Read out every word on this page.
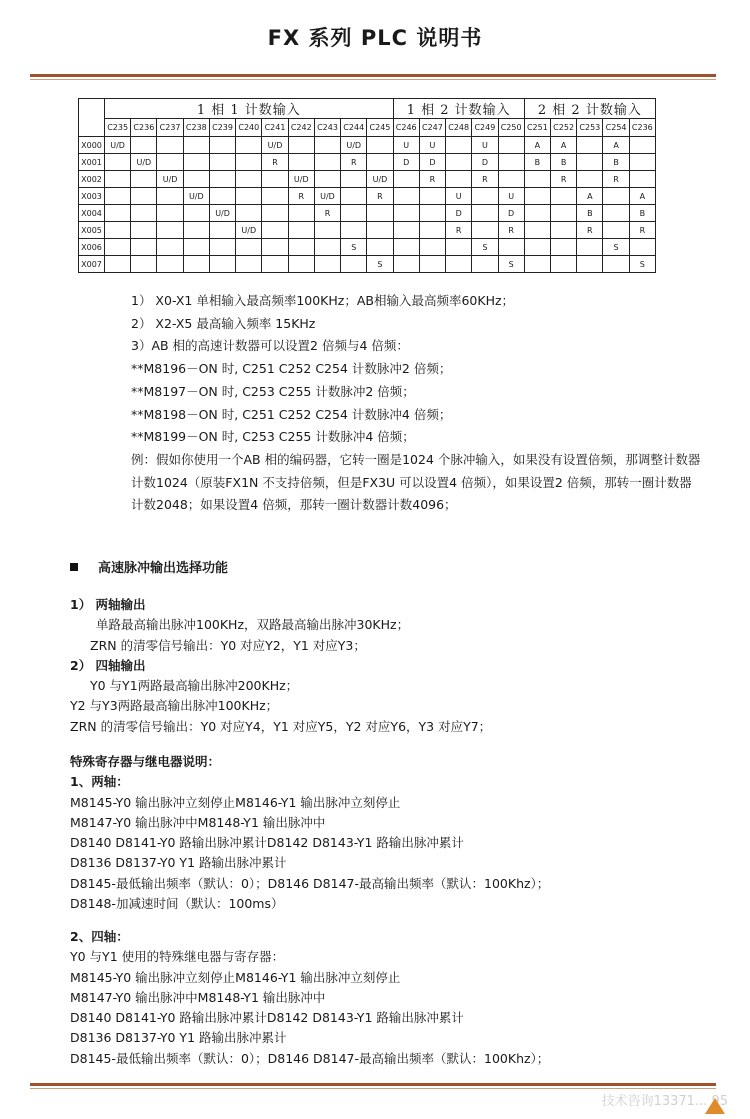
FX 系列 PLC 说明书
	1 相 1 计数输入											1 相 2 计数输入					2 相 2 计数输入				
	C235	C236	C237	C238	C239	C240	C241	C242	C243	C244	C245	C246	C247	C248	C249	C250	C251	C252	C253	C254	C236
X000	U/D						U/D			U/D		U	U		U		A	A		A	
X001		U/D					R			R		D	D		D		B	B		B	
X002			U/D					U/D			U/D		R		R			R		R	
X003				U/D				R	U/D		R			U		U			A		A
X004					U/D				R					D		D			B		B
X005						U/D								R		R			R		R
X006										S					S					S	
X007											S					S					S
1） X0-X1 单相输入最高频率100KHz；AB相输入最高频率60KHz；
2） X2-X5 最高输入频率 15KHz
3）AB 相的高速计数器可以设置2 倍频与4 倍频：
**M8196－ON 时, C251 C252 C254 计数脉冲2 倍频；
**M8197－ON 时, C253 C255 计数脉冲2 倍频；
**M8198－ON 时, C251 C252 C254 计数脉冲4 倍频；
**M8199－ON 时, C253 C255 计数脉冲4 倍频；
例：假如你使用一个AB 相的编码器，它转一圈是1024 个脉冲输入，如果没有设置倍频，那调整计数器计数1024（原装FX1N 不支持倍频，但是FX3U 可以设置4 倍频），如果设置2 倍频，那转一圈计数器计数2048；如果设置4 倍频，那转一圈计数器计数4096；
高速脉冲输出选择功能
1） 两轴输出
单路最高输出脉冲100KHz，双路最高输出脉冲30KHz；
ZRN 的清零信号输出：Y0 对应Y2，Y1 对应Y3；
2） 四轴输出
Y0 与Y1两路最高输出脉冲200KHz；
Y2 与Y3两路最高输出脉冲100KHz；
ZRN 的清零信号输出：Y0 对应Y4，Y1 对应Y5，Y2 对应Y6，Y3 对应Y7；
特殊寄存器与继电器说明：
1、两轴：
M8145-Y0 输出脉冲立刻停止M8146-Y1 输出脉冲立刻停止
M8147-Y0 输出脉冲中M8148-Y1 输出脉冲中
D8140 D8141-Y0 路输出脉冲累计D8142 D8143-Y1 路输出脉冲累计
D8136 D8137-Y0 Y1 路输出脉冲累计
D8145-最低输出频率（默认：0）；D8146 D8147-最高输出频率（默认：100Khz）；
D8148-加减速时间（默认：100ms）
2、四轴：
Y0 与Y1 使用的特殊继电器与寄存器：
M8145-Y0 输出脉冲立刻停止M8146-Y1 输出脉冲立刻停止
M8147-Y0 输出脉冲中M8148-Y1 输出脉冲中
D8140 D8141-Y0 路输出脉冲累计D8142 D8143-Y1 路输出脉冲累计
D8136 D8137-Y0 Y1 路输出脉冲累计
D8145-最低输出频率（默认：0）；D8146 D8147-最高输出频率（默认：100Khz）；
技术咨询13371... 95
